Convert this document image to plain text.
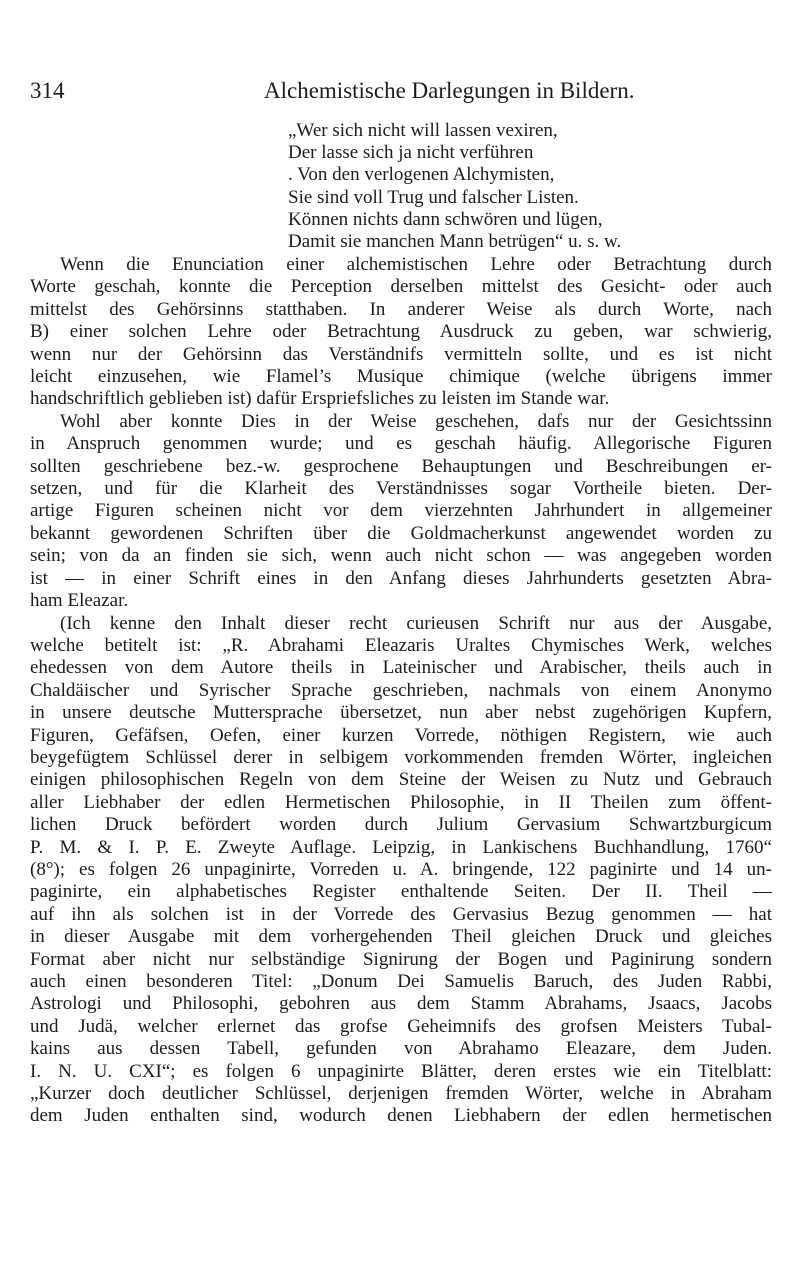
314	Alchemistische Darlegungen in Bildern.
„Wer sich nicht will lassen vexiren,
Der lasse sich ja nicht verführen
. Von den verlogenen Alchymisten,
Sie sind voll Trug und falscher Listen.
Können nichts dann schwören und lügen,
Damit sie manchen Mann betrügen“ u. s. w.
Wenn die Enunciation einer alchemistischen Lehre oder Betrachtung durch
Worte geschah, konnte die Perception derselben mittelst des Gesicht- oder auch
mittelst des Gehörsinns statthaben. In anderer Weise als durch Worte, nach
B) einer solchen Lehre oder Betrachtung Ausdruck zu geben, war schwierig,
wenn nur der Gehörsinn das Verständnifs vermitteln sollte, und es ist nicht
leicht einzusehen, wie Flamel’s Musique chimique (welche übrigens immer
handschriftlich geblieben ist) dafür Erspriefsliches zu leisten im Stande war.
Wohl aber konnte Dies in der Weise geschehen, dafs nur der Gesichtssinn
in Anspruch genommen wurde; und es geschah häufig. Allegorische Figuren
sollten geschriebene bez.-w. gesprochene Behauptungen und Beschreibungen er-
setzen, und für die Klarheit des Verständnisses sogar Vortheile bieten. Der-
artige Figuren scheinen nicht vor dem vierzehnten Jahrhundert in allgemeiner
bekannt gewordenen Schriften über die Goldmacherkunst angewendet worden zu
sein; von da an finden sie sich, wenn auch nicht schon — was angegeben worden
ist — in einer Schrift eines in den Anfang dieses Jahrhunderts gesetzten Abra-
ham Eleazar.
(Ich kenne den Inhalt dieser recht curieusen Schrift nur aus der Ausgabe,
welche betitelt ist: „R. Abrahami Eleazaris Uraltes Chymisches Werk, welches
ehedessen von dem Autore theils in Lateinischer und Arabischer, theils auch in
Chaldäischer und Syrischer Sprache geschrieben, nachmals von einem Anonymo
in unsere deutsche Muttersprache übersetzet, nun aber nebst zugehörigen Kupfern,
Figuren, Gefäfsen, Oefen, einer kurzen Vorrede, nöthigen Registern, wie auch
beygefügtem Schlüssel derer in selbigem vorkommenden fremden Wörter, ingleichen
einigen philosophischen Regeln von dem Steine der Weisen zu Nutz und Gebrauch
aller Liebhaber der edlen Hermetischen Philosophie, in II Theilen zum öffent-
lichen Druck befördert worden durch Julium Gervasium Schwartzburgicum
P. M. & I. P. E. Zweyte Auflage. Leipzig, in Lankischens Buchhandlung, 1760“
(8°); es folgen 26 unpaginirte, Vorreden u. A. bringende, 122 paginirte und 14 un-
paginirte, ein alphabetisches Register enthaltende Seiten. Der II. Theil —
auf ihn als solchen ist in der Vorrede des Gervasius Bezug genommen — hat
in dieser Ausgabe mit dem vorhergehenden Theil gleichen Druck und gleiches
Format aber nicht nur selbständige Signirung der Bogen und Paginirung sondern
auch einen besonderen Titel: „Donum Dei Samuelis Baruch, des Juden Rabbi,
Astrologi und Philosophi, gebohren aus dem Stamm Abrahams, Jsaacs, Jacobs
und Judä, welcher erlernet das grofse Geheimnifs des grofsen Meisters Tubal-
kains aus dessen Tabell, gefunden von Abrahamo Eleazare, dem Juden.
I. N. U. CXI“; es folgen 6 unpaginirte Blätter, deren erstes wie ein Titelblatt:
„Kurzer doch deutlicher Schlüssel, derjenigen fremden Wörter, welche in Abraham
dem Juden enthalten sind, wodurch denen Liebhabern der edlen hermetischen
